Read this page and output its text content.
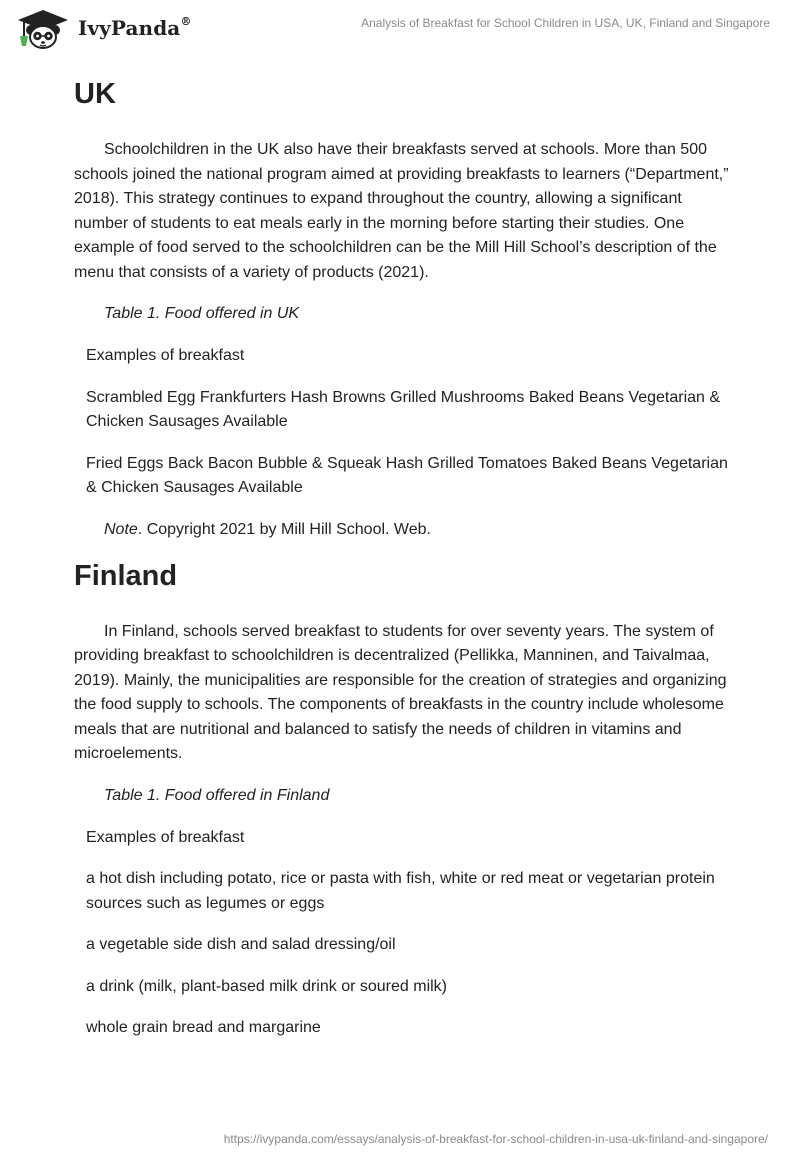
IvyPanda®	Analysis of Breakfast for School Children in USA, UK, Finland and Singapore
UK

Schoolchildren in the UK also have their breakfasts served at schools. More than 500 schools joined the national program aimed at providing breakfasts to learners (“Department,” 2018). This strategy continues to expand throughout the country, allowing a significant number of students to eat meals early in the morning before starting their studies. One example of food served to the schoolchildren can be the Mill Hill School’s description of the menu that consists of a variety of products (2021).

Table 1. Food offered in UK
Examples of breakfast
Scrambled Egg Frankfurters Hash Browns Grilled Mushrooms Baked Beans Vegetarian & Chicken Sausages Available
Fried Eggs Back Bacon Bubble & Squeak Hash Grilled Tomatoes Baked Beans Vegetarian & Chicken Sausages Available
Note. Copyright 2021 by Mill Hill School. Web.
Finland

In Finland, schools served breakfast to students for over seventy years. The system of providing breakfast to schoolchildren is decentralized (Pellikka, Manninen, and Taivalmaa, 2019). Mainly, the municipalities are responsible for the creation of strategies and organizing the food supply to schools. The components of breakfasts in the country include wholesome meals that are nutritional and balanced to satisfy the needs of children in vitamins and microelements.

Table 1. Food offered in Finland
Examples of breakfast
a hot dish including potato, rice or pasta with fish, white or red meat or vegetarian protein sources such as legumes or eggs
a vegetable side dish and salad dressing/oil
a drink (milk, plant-based milk drink or soured milk)
whole grain bread and margarine
https://ivypanda.com/essays/analysis-of-breakfast-for-school-children-in-usa-uk-finland-and-singapore/
